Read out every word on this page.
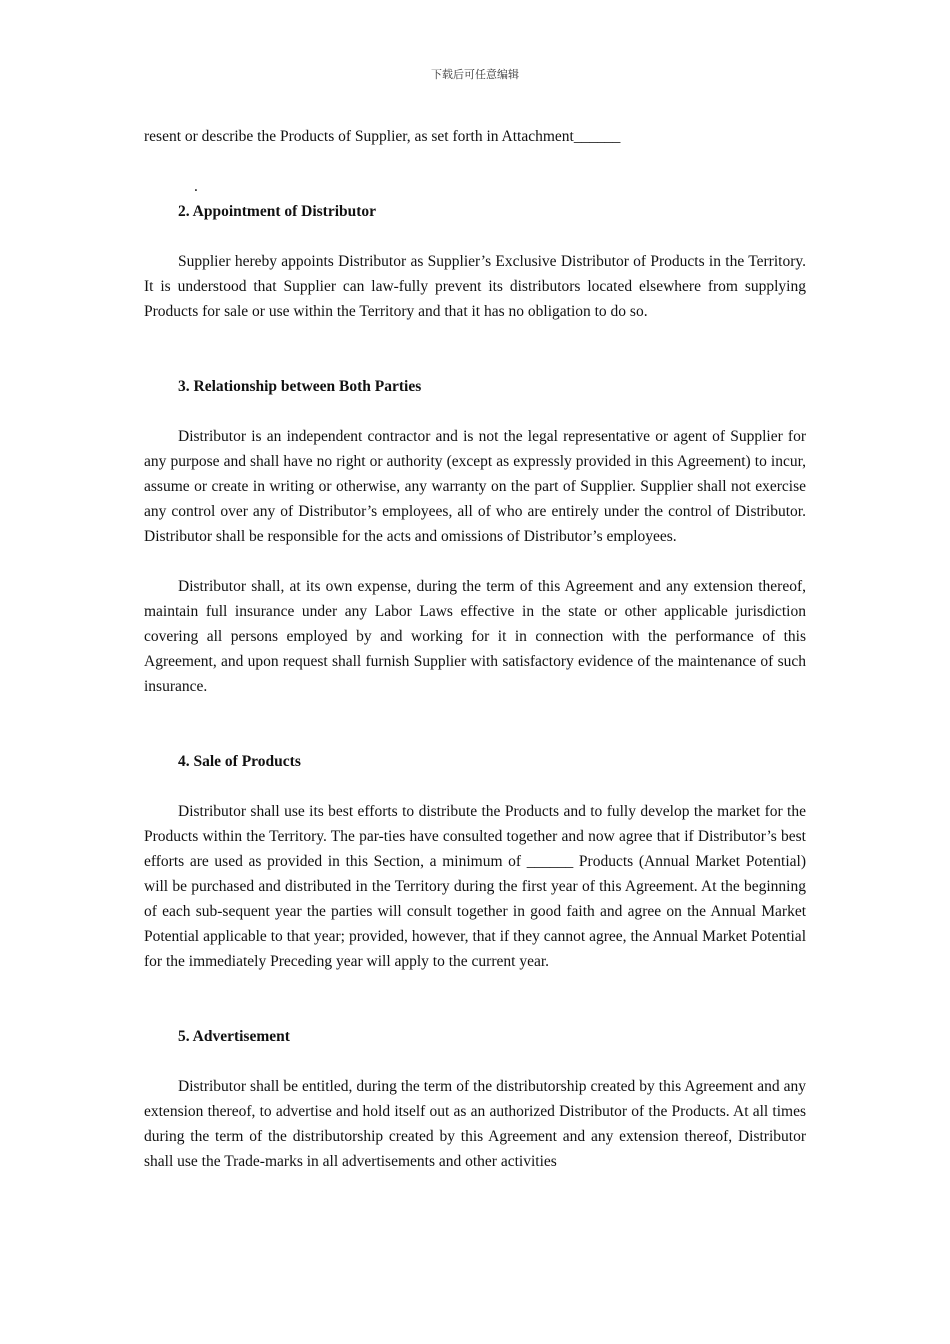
下载后可任意编辑

resent or describe the Products of Supplier, as set forth in Attachment______

.

2. Appointment of Distributor

Supplier hereby appoints Distributor as Supplier’s Exclusive Distributor of Products in the Territory. It is understood that Supplier can law-fully prevent its distributors located elsewhere from supplying Products for sale or use within the Territory and that it has no obligation to do so.

3. Relationship between Both Parties

Distributor is an independent contractor and is not the legal representative or agent of Supplier for any purpose and shall have no right or authority (except as expressly provided in this Agreement) to incur, assume or create in writing or otherwise, any warranty on the part of Supplier. Supplier shall not exercise any control over any of Distributor’s employees, all of who are entirely under the control of Distributor. Distributor shall be responsible for the acts and omissions of Distributor’s employees.

Distributor shall, at its own expense, during the term of this Agreement and any extension thereof, maintain full insurance under any Labor Laws effective in the state or other applicable jurisdiction covering all persons employed by and working for it in connection with the performance of this Agreement, and upon request shall furnish Supplier with satisfactory evidence of the maintenance of such insurance.

4. Sale of Products

Distributor shall use its best efforts to distribute the Products and to fully develop the market for the Products within the Territory. The par-ties have consulted together and now agree that if Distributor’s best efforts are used as provided in this Section, a minimum of ______ Products (Annual Market Potential) will be purchased and distributed in the Territory during the first year of this Agreement. At the beginning of each sub-sequent year the parties will consult together in good faith and agree on the Annual Market Potential applicable to that year; provided, however, that if they cannot agree, the Annual Market Potential for the immediately Preceding year will apply to the current year.

5. Advertisement

Distributor shall be entitled, during the term of the distributorship created by this Agreement and any extension thereof, to advertise and hold itself out as an authorized Distributor of the Products. At all times during the term of the distributorship created by this Agreement and any extension thereof, Distributor shall use the Trade-marks in all advertisements and other activities
